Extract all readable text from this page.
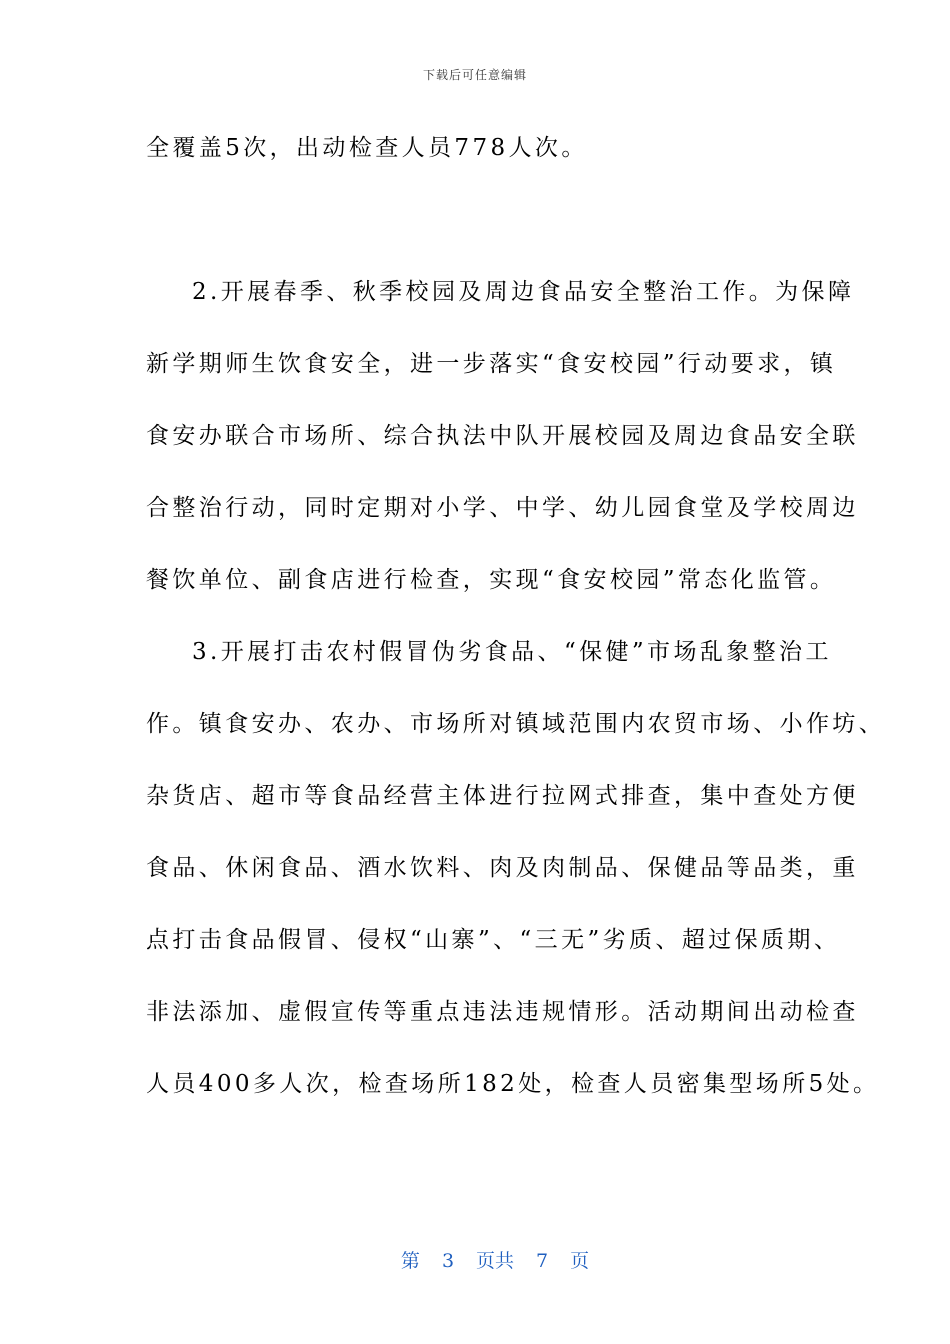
下载后可任意编辑
全覆盖5次，出动检查人员778人次。
2.开展春季、秋季校园及周边食品安全整治工作。为保障
新学期师生饮食安全，进一步落实“食安校园”行动要求，镇
食安办联合市场所、综合执法中队开展校园及周边食品安全联
合整治行动，同时定期对小学、中学、幼儿园食堂及学校周边
餐饮单位、副食店进行检查，实现“食安校园”常态化监管。
3.开展打击农村假冒伪劣食品、“保健”市场乱象整治工
作。镇食安办、农办、市场所对镇域范围内农贸市场、小作坊、
杂货店、超市等食品经营主体进行拉网式排查，集中查处方便
食品、休闲食品、酒水饮料、肉及肉制品、保健品等品类，重
点打击食品假冒、侵权“山寨”、“三无”劣质、超过保质期、
非法添加、虚假宣传等重点违法违规情形。活动期间出动检查
人员400多人次，检查场所182处，检查人员密集型场所5处。

第 3 页共 7 页
